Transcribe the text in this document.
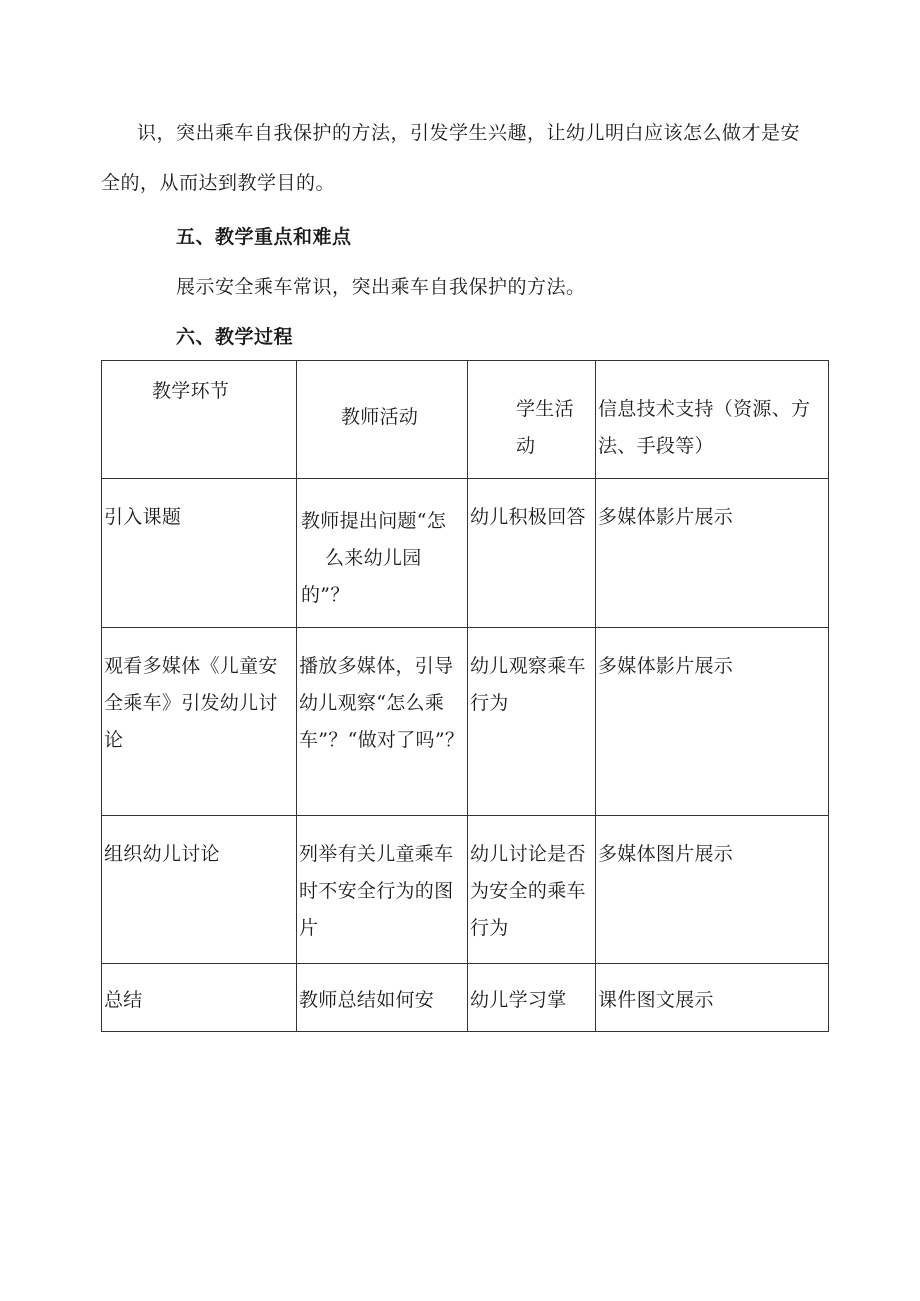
识，突出乘车自我保护的方法，引发学生兴趣，让幼儿明白应该怎么做才是安
全的，从而达到教学目的。
五、教学重点和难点
展示安全乘车常识，突出乘车自我保护的方法。
六、教学过程
教学环节	教师活动	学生活动	信息技术支持（资源、方法、手段等）

引入课题	教师提出问题“怎
么来幼儿园
的”？	幼儿积极回答	多媒体影片展示

观看多媒体《儿童安全乘车》引发幼儿讨论	播放多媒体，引导幼儿观察“怎么乘车”？“做对了吗”？	幼儿观察乘车行为	多媒体影片展示

组织幼儿讨论	列举有关儿童乘车时不安全行为的图片	幼儿讨论是否为安全的乘车行为	多媒体图片展示

总结	教师总结如何安	幼儿学习掌	课件图文展示
